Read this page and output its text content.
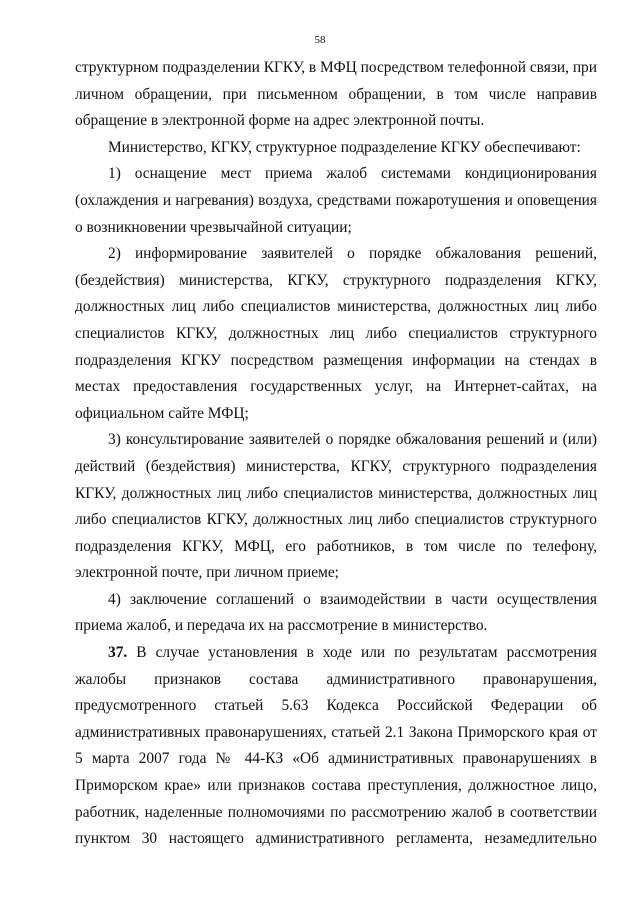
58
структурном подразделении КГКУ, в МФЦ посредством телефонной связи, при
личном обращении, при письменном обращении, в том числе направив
обращение в электронной форме на адрес электронной почты.
Министерство, КГКУ, структурное подразделение КГКУ обеспечивают:
1) оснащение мест приема жалоб системами кондиционирования
(охлаждения и нагревания) воздуха, средствами пожаротушения и оповещения
о возникновении чрезвычайной ситуации;
2) информирование заявителей о порядке обжалования решений,
(бездействия) министерства, КГКУ, структурного подразделения КГКУ,
должностных лиц либо специалистов министерства, должностных лиц либо
специалистов КГКУ, должностных лиц либо специалистов структурного
подразделения КГКУ посредством размещения информации на стендах в
местах предоставления государственных услуг, на Интернет-сайтах, на
официальном сайте МФЦ;
3) консультирование заявителей о порядке обжалования решений и (или)
действий (бездействия) министерства, КГКУ, структурного подразделения
КГКУ, должностных лиц либо специалистов министерства, должностных лиц
либо специалистов КГКУ, должностных лиц либо специалистов структурного
подразделения КГКУ, МФЦ, его работников, в том числе по телефону,
электронной почте, при личном приеме;
4) заключение соглашений о взаимодействии в части осуществления
приема жалоб, и передача их на рассмотрение в министерство.
37. В случае установления в ходе или по результатам рассмотрения
жалобы признаков состава административного правонарушения,
предусмотренного статьей 5.63 Кодекса Российской Федерации об
административных правонарушениях, статьей 2.1 Закона Приморского края от
5 марта 2007 года № 44-КЗ «Об административных правонарушениях в
Приморском крае» или признаков состава преступления, должностное лицо,
работник, наделенные полномочиями по рассмотрению жалоб в соответствии
пунктом 30 настоящего административного регламента, незамедлительно
